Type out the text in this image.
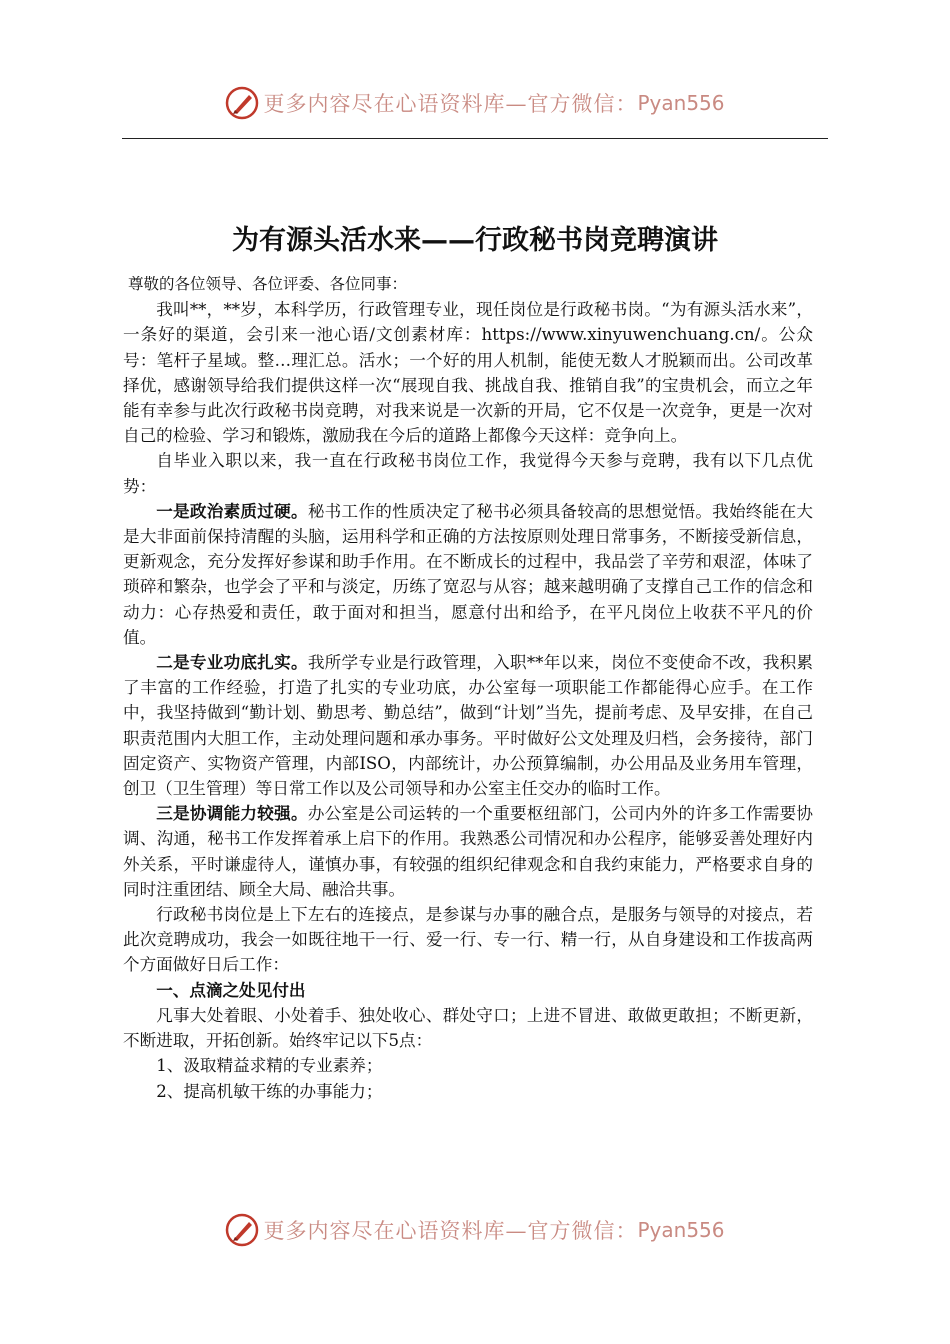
更多内容尽在心语资料库—官方微信： Pyan556
为有源头活水来——行政秘书岗竞聘演讲

尊敬的各位领导、各位评委、各位同事：

我叫**，**岁，本科学历，行政管理专业，现任岗位是行政秘书岗。“为有源头活水来”，一条好的渠道，会引来一池心语/文创素材库：https://www.xinyuwenchuang.cn/。公众号：笔杆子星域。整…理汇总。活水；一个好的用人机制，能使无数人才脱颖而出。公司改革择优，感谢领导给我们提供这样一次“展现自我、挑战自我、推销自我”的宝贵机会，而立之年能有幸参与此次行政秘书岗竞聘，对我来说是一次新的开局，它不仅是一次竞争，更是一次对自己的检验、学习和锻炼，激励我在今后的道路上都像今天这样：竞争向上。

自毕业入职以来，我一直在行政秘书岗位工作，我觉得今天参与竞聘，我有以下几点优势：

一是政治素质过硬。秘书工作的性质决定了秘书必须具备较高的思想觉悟。我始终能在大是大非面前保持清醒的头脑，运用科学和正确的方法按原则处理日常事务，不断接受新信息，更新观念，充分发挥好参谋和助手作用。在不断成长的过程中，我品尝了辛劳和艰涩，体味了琐碎和繁杂，也学会了平和与淡定，历练了宽忍与从容；越来越明确了支撑自己工作的信念和动力：心存热爱和责任，敢于面对和担当，愿意付出和给予，在平凡岗位上收获不平凡的价值。

二是专业功底扎实。我所学专业是行政管理，入职**年以来，岗位不变使命不改，我积累了丰富的工作经验，打造了扎实的专业功底，办公室每一项职能工作都能得心应手。在工作中，我坚持做到“勤计划、勤思考、勤总结”，做到“计划”当先，提前考虑、及早安排，在自己职责范围内大胆工作，主动处理问题和承办事务。平时做好公文处理及归档，会务接待，部门固定资产、实物资产管理，内部ISO，内部统计，办公预算编制，办公用品及业务用车管理，创卫（卫生管理）等日常工作以及公司领导和办公室主任交办的临时工作。

三是协调能力较强。办公室是公司运转的一个重要枢纽部门，公司内外的许多工作需要协调、沟通，秘书工作发挥着承上启下的作用。我熟悉公司情况和办公程序，能够妥善处理好内外关系，平时谦虚待人，谨慎办事，有较强的组织纪律观念和自我约束能力，严格要求自身的同时注重团结、顾全大局、融洽共事。

行政秘书岗位是上下左右的连接点，是参谋与办事的融合点，是服务与领导的对接点，若此次竞聘成功，我会一如既往地干一行、爱一行、专一行、精一行，从自身建设和工作拔高两个方面做好日后工作：

一、点滴之处见付出

凡事大处着眼、小处着手、独处收心、群处守口；上进不冒进、敢做更敢担；不断更新，不断进取，开拓创新。始终牢记以下5点：

1、汲取精益求精的专业素养；

2、提高机敏干练的办事能力；

更多内容尽在心语资料库—官方微信： Pyan556
